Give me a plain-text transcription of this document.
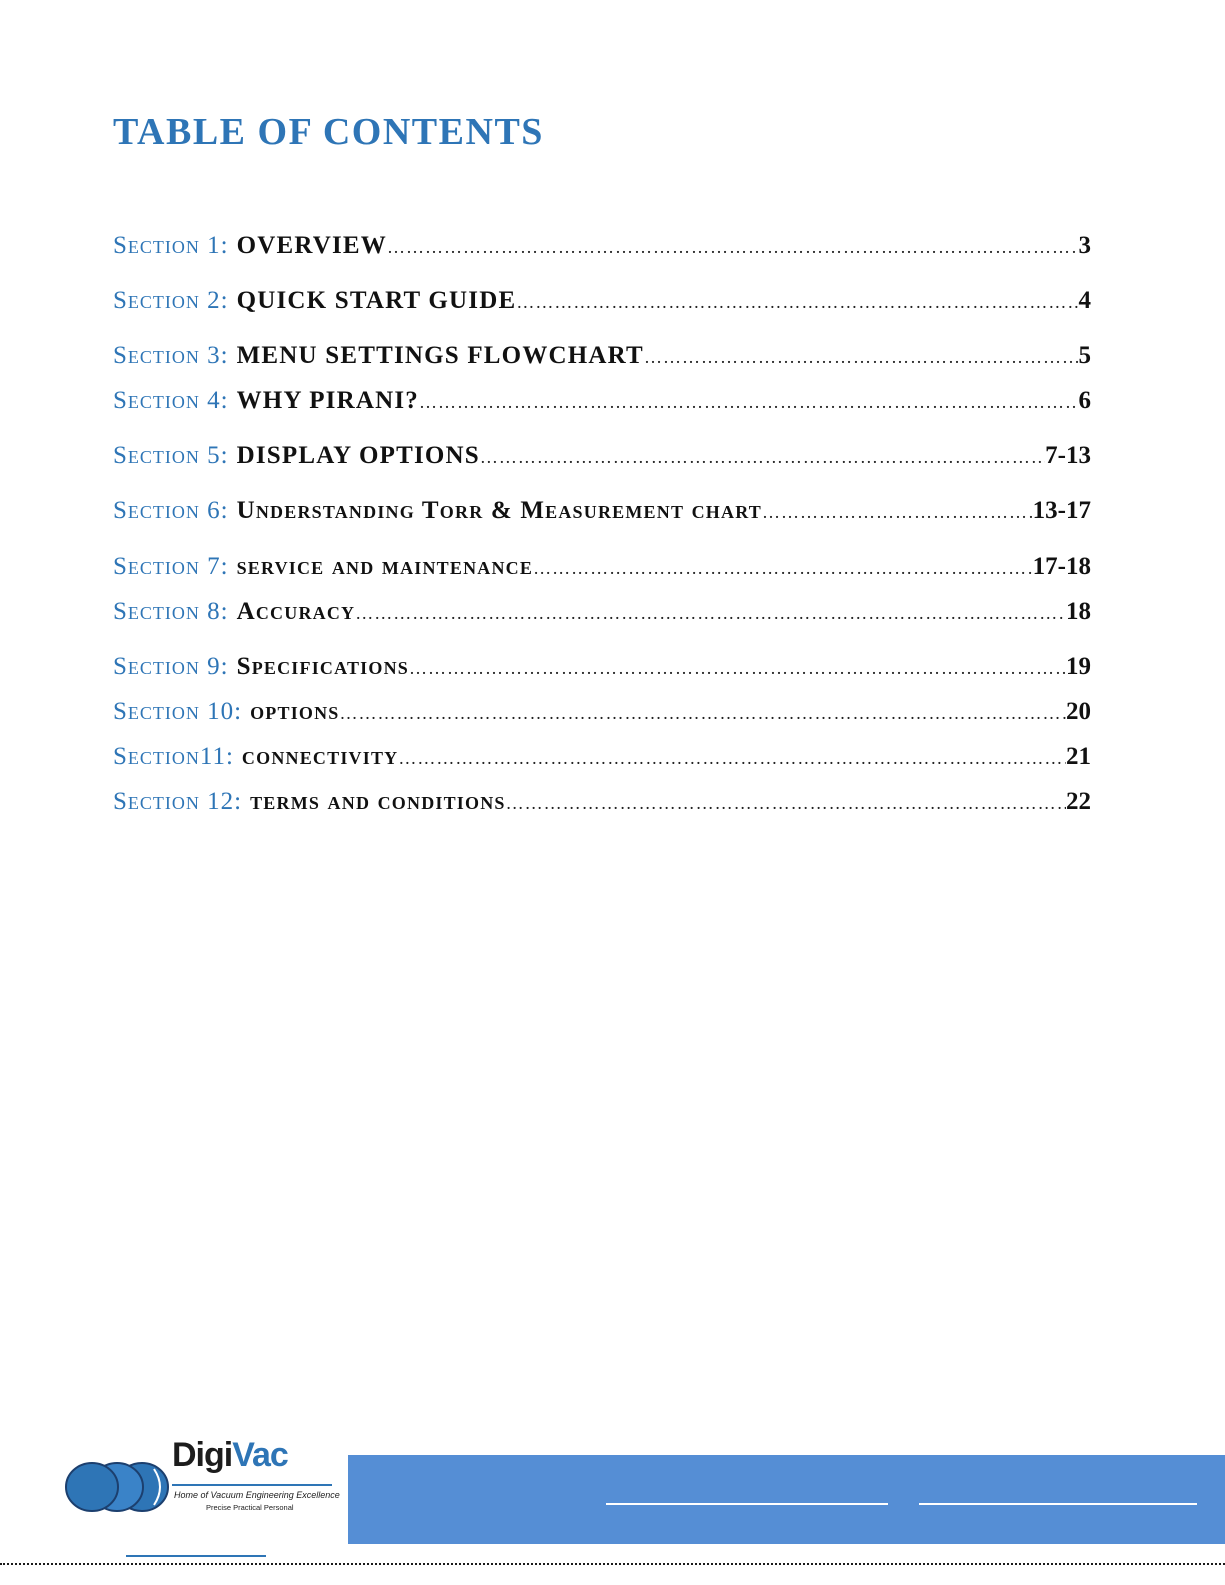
TABLE OF CONTENTS
Section 1: OVERVIEW …………………………………………………………………………………………………………………………………………………………………………	3
Section 2: QUICK START GUIDE …………………………………………………………………………………………………………………………………………………………………………	4
Section 3: MENU SETTINGS FLOWCHART …………………………………………………………………………………………………………………………………………………………………………	5
Section 4: WHY PIRANI? …………………………………………………………………………………………………………………………………………………………………………	6
Section 5: DISPLAY OPTIONS …………………………………………………………………………………………………………………………………………………………………………	7-13
Section 6: Understanding Torr & Measurement chart …………………………………………………………………………………………………………………………………………………………………………	13-17
Section 7: service and maintenance …………………………………………………………………………………………………………………………………………………………………………	17-18
Section 8: Accuracy …………………………………………………………………………………………………………………………………………………………………………	18
Section 9: Specifications …………………………………………………………………………………………………………………………………………………………………………	19
Section 10: options …………………………………………………………………………………………………………………………………………………………………………	20
Section11: connectivity …………………………………………………………………………………………………………………………………………………………………………	21
Section 12: terms and conditions …………………………………………………………………………………………………………………………………………………………………………	22
DigiVac
Home of Vacuum Engineering Excellence
Precise Practical Personal
